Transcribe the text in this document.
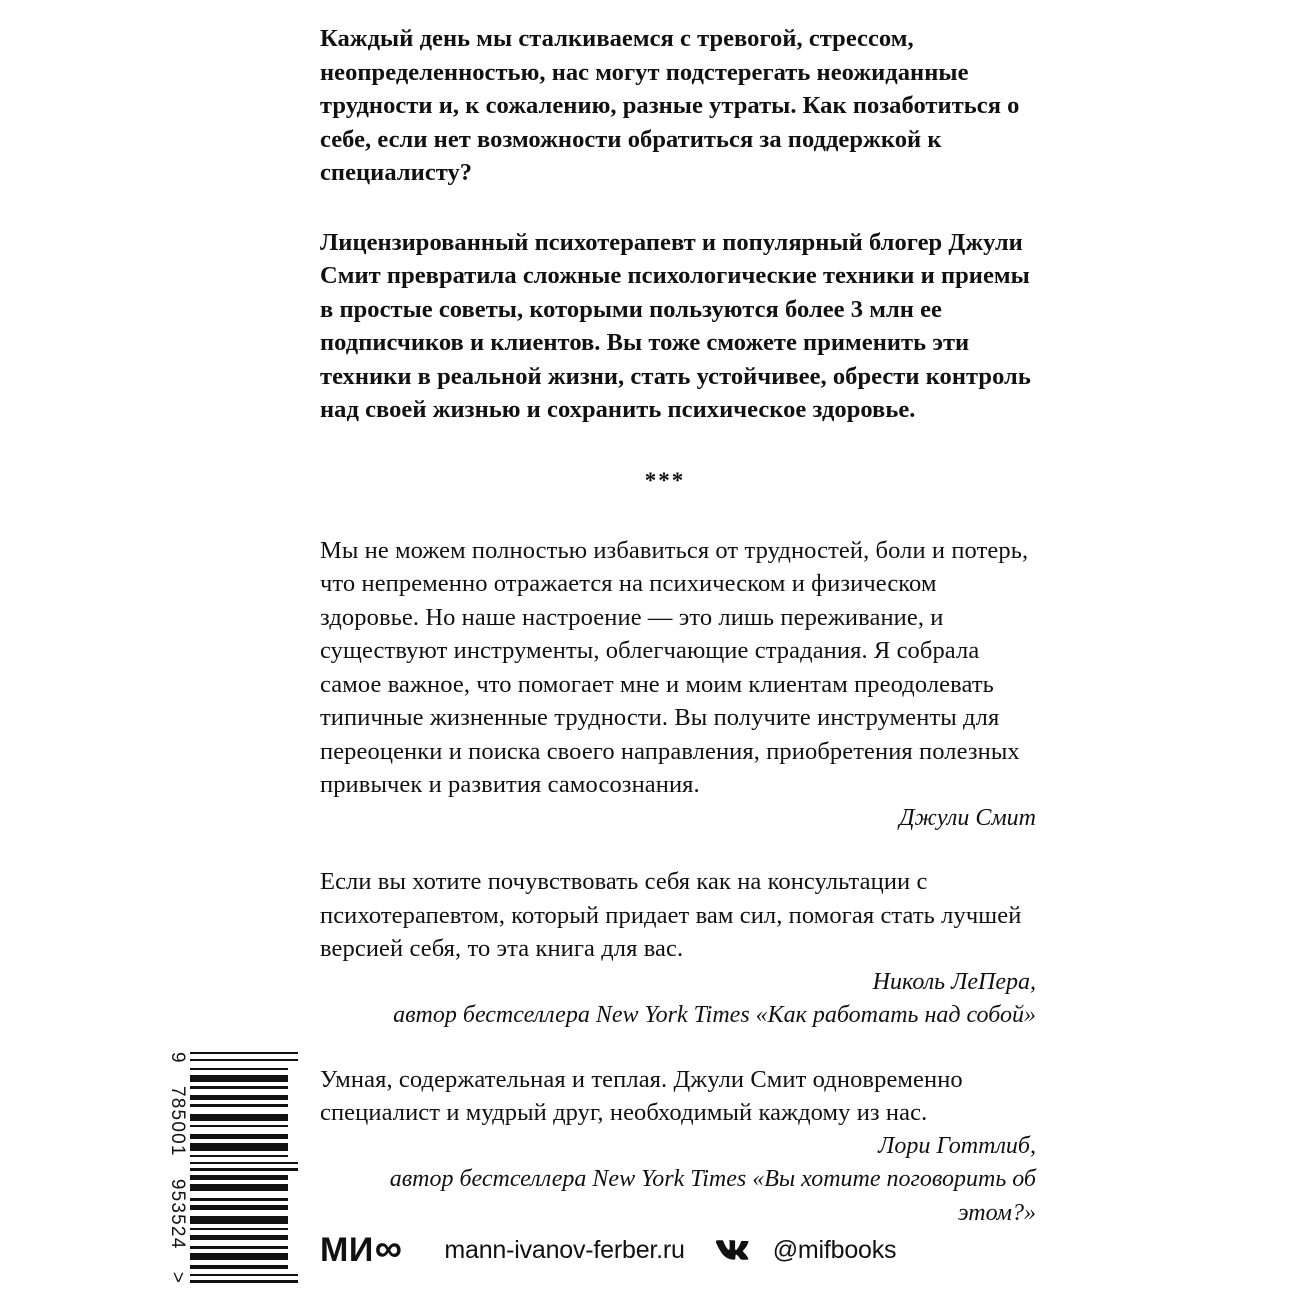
Каждый день мы сталкиваемся с тревогой, стрессом, неопределенностью, нас могут подстерегать неожиданные трудности и, к сожалению, разные утраты. Как позаботиться о себе, если нет возможности обратиться за поддержкой к специалисту?

Лицензированный психотерапевт и популярный блогер Джули Смит превратила сложные психологические техники и приемы в простые советы, которыми пользуются более 3 млн ее подписчиков и клиентов. Вы тоже сможете применить эти техники в реальной жизни, стать устойчивее, обрести контроль над своей жизнью и сохранить психическое здоровье.

***

Мы не можем полностью избавиться от трудностей, боли и потерь, что непременно отражается на психическом и физическом здоровье. Но наше настроение — это лишь переживание, и существуют инструменты, облегчающие страдания. Я собрала самое важное, что помогает мне и моим клиентам преодолевать типичные жизненные трудности. Вы получите инструменты для переоценки и поиска своего направления, приобретения полезных привычек и развития самосознания.

Джули Смит

Если вы хотите почувствовать себя как на консультации с психотерапевтом, который придает вам сил, помогая стать лучшей версией себя, то эта книга для вас.

Николь ЛеПера,

автор бестселлера New York Times «Как работать над собой»

Умная, содержательная и теплая. Джули Смит одновременно специалист и мудрый друг, необходимый каждому из нас.

Лори Готтлиб,

автор бестселлера New York Times «Вы хотите поговорить об этом?»

9
785001
953524
>
МИ ∞ mann-ivanov-ferber.ru	@mifbooks
